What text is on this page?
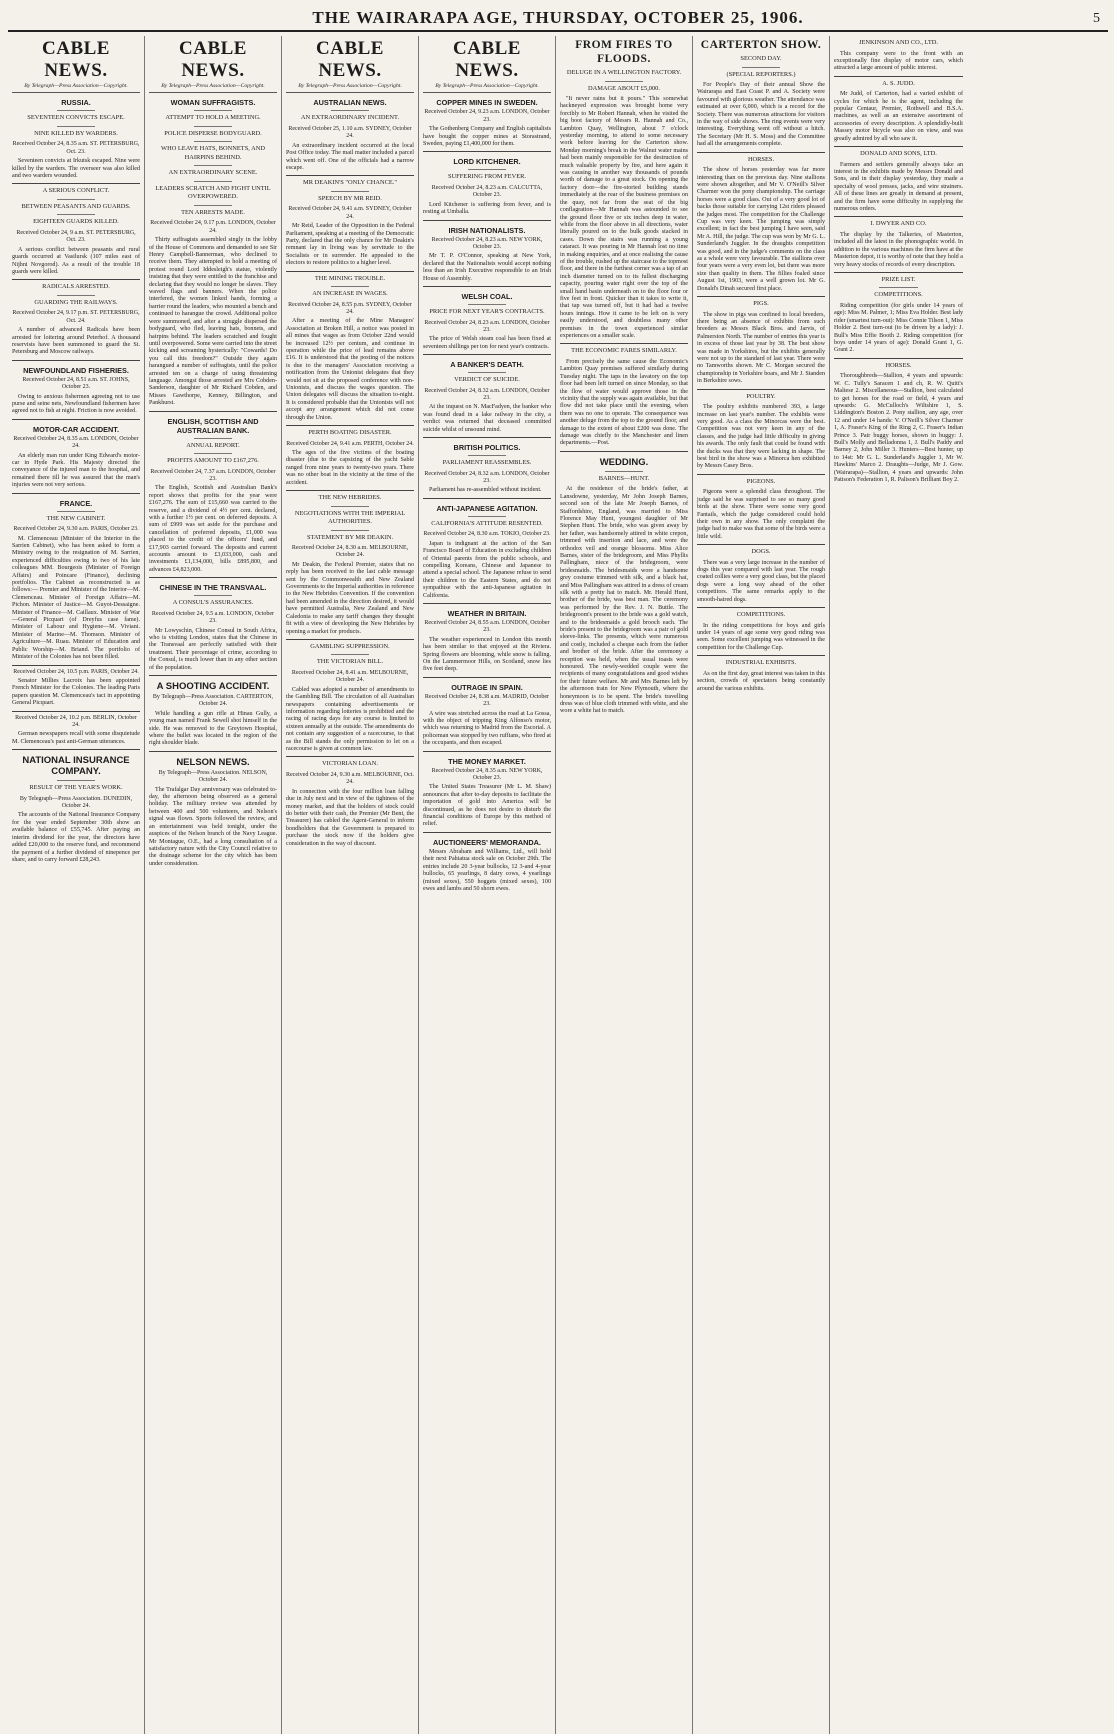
THE WAIRARAPA AGE, THURSDAY, OCTOBER 25, 1906.	5
CABLE NEWS.
By Telegraph—Press Association—Copyright.
RUSSIA.
SEVENTEEN CONVICTS ESCAPE.
NINE KILLED BY WARDERS.
Received October 24, 8.35 a.m. ST. PETERSBURG, Oct. 23.
Seventeen convicts at Irkutsk escaped. Nine were killed by the warders. The overseer was also killed and two warders wounded.
A SERIOUS CONFLICT.
BETWEEN PEASANTS AND GUARDS.
EIGHTEEN GUARDS KILLED.
Received October 24, 9 a.m. ST. PETERSBURG, Oct. 23.
A serious conflict between peasants and rural guards occurred at Vasilursk (107 miles east of Nijhni Novgorod). As a result of the trouble 18 guards were killed.
RADICALS ARRESTED.
GUARDING THE RAILWAYS.
Received October 24, 9.17 p.m. ST. PETERSBURG, Oct. 24.
A number of advanced Radicals have been arrested for loitering around Peterhof. A thousand reservists have been summoned to guard the St. Petersburg and Moscow railways.
NEWFOUNDLAND FISHERIES.
Received October 24, 8.51 a.m. ST. JOHNS, October 23.
Owing to anxious fishermen agreeing not to use purse and seine nets, Newfoundland fishermen have agreed not to fish at night. Friction is now avoided.
MOTOR-CAR ACCIDENT.
Received October 24, 8.35 a.m. LONDON, October 24.
An elderly man run under King Edward's motor-car in Hyde Park. His Majesty directed the conveyance of the injured man to the hospital, and remained there till he was assured that the man's injuries were not very serious.
FRANCE.
THE NEW CABINET.
Received October 24, 9.30 a.m. PARIS, October 23.
M. Clemenceau (Minister of the Interior in the Sarrien Cabinet), who has been asked to form a Ministry owing to the resignation of M. Sarrien, experienced difficulties owing to two of his late colleagues MM. Bourgeois (Minister of Foreign Affairs) and Poincare (Finance), declining portfolios. The Cabinet as reconstructed is as follows:— Premier and Minister of the Interior—M. Clemenceau. Minister of Foreign Affairs—M. Pichon. Minister of Justice—M. Guyot-Dessaigne. Minister of Finance—M. Caillaux. Minister of War—General Picquart (of Dreyfus case fame). Minister of Labour and Hygiene—M. Viviani. Minister of Marine—M. Thomson. Minister of Agriculture—M. Ruau. Minister of Education and Public Worship—M. Briand. The portfolio of Minister of the Colonies has not been filled.
Received October 24, 10.5 p.m. PARIS, October 24.
Senator Millies Lacroix has been appointed French Minister for the Colonies. The leading Paris papers question M. Clemenceau's tact in appointing General Picquart.
Received October 24, 10.2 p.m. BERLIN, October 24.
German newspapers recall with some disquietude M. Clemenceau's past anti-German utterances.
NATIONAL INSURANCE COMPANY.
RESULT OF THE YEAR'S WORK.
By Telegraph—Press Association. DUNEDIN, October 24.
The accounts of the National Insurance Company for the year ended September 30th show an available balance of £55,745. After paying an interim dividend for the year, the directors have added £20,000 to the reserve fund, and recommend the payment of a further dividend of ninepence per share, and to carry forward £28,243.
CABLE NEWS.
By Telegraph—Press Association—Copyright.
WOMAN SUFFRAGISTS.
ATTEMPT TO HOLD A MEETING.
POLICE DISPERSE BODYGUARD.
WHO LEAVE HATS, BONNETS, AND HAIRPINS BEHIND.
AN EXTRAORDINARY SCENE.
LEADERS SCRATCH AND FIGHT UNTIL OVERPOWERED.
TEN ARRESTS MADE.
Received October 24, 9.17 p.m. LONDON, October 24.
Thirty suffragists assembled singly in the lobby of the House of Commons and demanded to see Sir Henry Campbell-Bannerman, who declined to receive them. They attempted to hold a meeting of protest round Lord Iddesleigh's statue, violently insisting that they were entitled to the franchise and declaring that they would no longer be slaves. They waved flags and banners. When the police interfered, the women linked hands, forming a barrier round the leaders, who mounted a bench and continued to harangue the crowd. Additional police were summoned, and after a struggle dispersed the bodyguard, who fled, leaving hats, bonnets, and hairpins behind. The leaders scratched and fought until overpowered. Some were carried into the street kicking and screaming hysterically: "Cowards! Do you call this freedom?" Outside they again harangued a number of suffragists, until the police arrested ten on a charge of using threatening language. Amongst those arrested are Mrs Cobden-Sanderson, daughter of Mr Richard Cobden, and Misses Gawthorpe, Kenney, Billington, and Pankhurst.
ENGLISH, SCOTTISH AND AUSTRALIAN BANK.
ANNUAL REPORT.
PROFITS AMOUNT TO £167,276.
Received October 24, 7.37 a.m. LONDON, October 23.
The English, Scottish and Australian Bank's report shows that profits for the year were £167,276. The sum of £15,660 was carried to the reserve, and a dividend of 4½ per cent. declared, with a further 1½ per cent. on deferred deposits. A sum of £999 was set aside for the purchase and cancellation of preferred deposits, £1,000 was placed to the credit of the officers' fund, and £17,903 carried forward. The deposits and current accounts amount to £3,033,000, cash and investments £1,134,000, bills £895,800, and advances £4,823,000.
CHINESE IN THE TRANSVAAL.
A CONSUL'S ASSURANCES.
Received October 24, 9.5 a.m. LONDON, October 23.
Mr Lowyschin, Chinese Consul in South Africa, who is visiting London, states that the Chinese in the Transvaal are perfectly satisfied with their treatment. Their percentage of crime, according to the Consul, is much lower than in any other section of the population.
A SHOOTING ACCIDENT.
By Telegraph—Press Association. CARTERTON, October 24.
While handling a gun rifle at Hinau Gully, a young man named Frank Sewell shot himself in the side. He was removed to the Greytown Hospital, where the bullet was located in the region of the right shoulder blade.
NELSON NEWS.
By Telegraph—Press Association. NELSON, October 24.
The Trafalgar Day anniversary was celebrated to-day, the afternoon being observed as a general holiday. The military review was attended by between 400 and 500 volunteers, and Nelson's signal was flown. Sports followed the review, and an entertainment was held tonight, under the auspices of the Nelson branch of the Navy League. Mr Montague, O.E., had a long consultation of a satisfactory nature with the City Council relative to the drainage scheme for the city which has been under consideration.
CABLE NEWS.
By Telegraph—Press Association—Copyright.
AUSTRALIAN NEWS.
AN EXTRAORDINARY INCIDENT.
Received October 25, 1.10 a.m. SYDNEY, October 24.
An extraordinary incident occurred at the local Post Office today. The mail matter included a parcel which went off. One of the officials had a narrow escape.
MR DEAKIN'S "ONLY CHANCE."
SPEECH BY MR REID.
Received October 24, 9.41 a.m. SYDNEY, October 24.
Mr Reid, Leader of the Opposition in the Federal Parliament, speaking at a meeting of the Democratic Party, declared that the only chance for Mr Deakin's remnant lay in living was by servitude to the Socialists or in surrender. He appealed to the electors to restore politics to a higher level.
THE MINING TROUBLE.
AN INCREASE IN WAGES.
Received October 24, 8.55 p.m. SYDNEY, October 24.
After a meeting of the Mine Managers' Association at Broken Hill, a notice was posted in all mines that wages as from October 22nd would be increased 12½ per centum, and continue in operation while the price of lead remains above £16. It is understood that the posting of the notices is due to the managers' Association receiving a notification from the Unionist delegates that they would not sit at the proposed conference with non-Unionists, and discuss the wages question. The Union delegates will discuss the situation to-night. It is considered probable that the Unionists will not accept any arrangement which did not come through the Union.
PERTH BOATING DISASTER.
Received October 24, 9.41 a.m. PERTH, October 24.
The ages of the five victims of the boating disaster (due to the capsizing of the yacht Sable ranged from nine years to twenty-two years. There was no other boat in the vicinity at the time of the accident.
THE NEW HEBRIDES.
NEGOTIATIONS WITH THE IMPERIAL AUTHORITIES.
STATEMENT BY MR DEAKIN.
Received October 24, 8.30 a.m. MELBOURNE, October 24.
Mr Deakin, the Federal Premier, states that no reply has been received to the last cable message sent by the Commonwealth and New Zealand Governments to the Imperial authorities in reference to the New Hebrides Convention. If the convention had been amended in the direction desired, it would have permitted Australia, New Zealand and New Caledonia to make any tariff changes they thought fit with a view of developing the New Hebrides by opening a market for products.
GAMBLING SUPPRESSION.
THE VICTORIAN BILL.
Received October 24, 8.41 a.m. MELBOURNE, October 24.
Cabled was adopted a number of amendments to the Gambling Bill. The circulation of all Australian newspapers containing advertisements or information regarding lotteries is prohibited and the racing of racing days for any course is limited to sixteen annually at the outside. The amendments do not contain any suggestion of a racecourse, to that as the Bill stands the only permission to let on a racecourse is given at common law.
VICTORIAN LOAN.
Received October 24, 9.30 a.m. MELBOURNE, Oct. 24.
In connection with the four million loan falling due in July next and in view of the tightness of the money market, and that the holders of stock could do better with their cash, the Premier (Mr Bent, the Treasurer) has cabled the Agent-General to inform bondholders that the Government is prepared to purchase the stock now if the holders give consideration in the way of discount.
CABLE NEWS.
By Telegraph—Press Association—Copyright.
COPPER MINES IN SWEDEN.
Received October 24, 9.23 a.m. LONDON, October 23.
The Gothenberg Company and English capitalists have bought the copper mines at Storastrand, Sweden, paying £1,400,000 for them.
LORD KITCHENER.
SUFFERING FROM FEVER.
Received October 24, 8.23 a.m. CALCUTTA, October 23.
Lord Kitchener is suffering from fever, and is resting at Umballa.
IRISH NATIONALISTS.
Received October 24, 8.23 a.m. NEW YORK, October 23.
Mr T. P. O'Connor, speaking at New York, declared that the Nationalists would accept nothing less than an Irish Executive responsible to an Irish House of Assembly.
WELSH COAL.
PRICE FOR NEXT YEAR'S CONTRACTS.
Received October 24, 8.23 a.m. LONDON, October 23.
The price of Welsh steam coal has been fixed at seventeen shillings per ton for next year's contracts.
A BANKER'S DEATH.
VERDICT OF SUICIDE.
Received October 24, 8.32 a.m. LONDON, October 23.
At the inquest on N. MacFadyen, the banker who was found dead in a lake railway in the city, a verdict was returned that deceased committed suicide whilst of unsound mind.
BRITISH POLITICS.
PARLIAMENT REASSEMBLES.
Received October 24, 8.32 a.m. LONDON, October 23.
Parliament has re-assembled without incident.
ANTI-JAPANESE AGITATION.
CALIFORNIA'S ATTITUDE RESENTED.
Received October 24, 8.30 a.m. TOKIO, October 23.
Japan is indignant at the action of the San Francisco Board of Education in excluding children of Oriental parents from the public schools, and compelling Koreans, Chinese and Japanese to attend a special school. The Japanese refuse to send their children to the Eastern States, and do not sympathise with the anti-Japanese agitation in California.
WEATHER IN BRITAIN.
Received October 24, 8.55 a.m. LONDON, October 23.
The weather experienced in London this month has been similar to that enjoyed at the Riviera. Spring flowers are blooming, while snow is falling. On the Lammermoor Hills, on Scotland, snow lies five feet deep.
OUTRAGE IN SPAIN.
Received October 24, 8.38 a.m. MADRID, October 23.
A wire was stretched across the road at La Gossa, with the object of tripping King Alfonso's motor, which was returning to Madrid from the Escorial. A policeman was stopped by two ruffians, who fired at the occupants, and then escaped.
THE MONEY MARKET.
Received October 24, 8.35 a.m. NEW YORK, October 23.
The United States Treasurer (Mr L. M. Shaw) announces that after to-day deposits to facilitate the importation of gold into America will be discontinued, as he does not desire to disturb the financial conditions of Europe by this method of relief.
AUCTIONEERS' MEMORANDA.
Messrs Abraham and Williams, Ltd., will hold their next Pahiatua stock sale on October 29th. The entries include 20 3-year bullocks, 12 3-and 4-year bullocks, 65 yearlings, 8 dairy cows, 4 yearlings (mixed sexes), 550 hoggets (mixed sexes), 100 ewes and lambs and 50 shorn ewes.
FROM FIRES TO FLOODS.
DELUGE IN A WELLINGTON FACTORY.
DAMAGE ABOUT £5,000.
"It never rains but it pours." This somewhat hackneyed expression was brought home very forcibly to Mr Robert Hannah, when he visited the big boot factory of Messrs R. Hannah and Co., Lambton Quay, Wellington, about 7 o'clock yesterday morning, to attend to some necessary work before leaving for the Carterton show. Monday morning's break in the Walnut water mains had been mainly responsible for the destruction of much valuable property by fire, and here again it was causing in another way thousands of pounds worth of damage to a great stock. On opening the factory door—the fire-storied building stands immediately at the rear of the business premises on the quay, not far from the seat of the big conflagration—Mr Hannah was astounded to see the ground floor five or six inches deep in water, while from the floor above in all directions, water literally poured on to the bulk goods stacked in cases. Down the stairs was running a young cataract. It was pouring in Mr Hannah lost no time in making enquiries, and at once realising the cause of the trouble, rushed up the staircase to the topmost floor, and there in the furthest corner was a tap of an inch diameter turned on to its fullest discharging capacity, pouring water right over the top of the small hand basin underneath on to the floor four or five feet in front. Quicker than it takes to write it, that tap was turned off, but it had had a twelve hours innings. How it came to be left on is very easily understood, and doubtless many other premises in the town experienced similar experiences on a smaller scale.
THE ECONOMIC FARES SIMILARLY.
From precisely the same cause the Economic's Lambton Quay premises suffered similarly during Tuesday night. The taps in the lavatory on the top floor had been left turned on since Monday, so that the flow of water would approve those in the vicinity that the supply was again available, but that flow did not take place until the evening, when there was no one to operate. The consequence was another deluge from the top to the ground floor, and damage to the extent of about £200 was done. The damage was chiefly to the Manchester and linen departments.—Post.
WEDDING.
BARNES—HUNT.
At the residence of the bride's father, at Lansdowne, yesterday, Mr John Joseph Barnes, second son of the late Mr Joseph Barnes, of Staffordshire, England, was married to Miss Florence May Hunt, youngest daughter of Mr Stephen Hunt. The bride, who was given away by her father, was handsomely attired in white crepon, trimmed with insertion and lace, and wore the orthodox veil and orange blossoms. Miss Alice Barnes, sister of the bridegroom, and Miss Phyllis Pallingham, niece of the bridegroom, were bridesmaids. The bridesmaids wore a handsome grey costume trimmed with silk, and a black hat, and Miss Pallingham was attired in a dress of cream silk with a pretty hat to match. Mr. Herald Hunt, brother of the bride, was best man. The ceremony was performed by the Rev. J. N. Buttle. The bridegroom's present to the bride was a gold watch, and to the bridesmaids a gold brooch each. The bride's present to the bridegroom was a pair of gold sleeve-links. The presents, which were numerous and costly, included a cheque each from the father and brother of the bride. After the ceremony a reception was held, when the usual toasts were honoured. The newly-wedded couple were the recipients of many congratulations and good wishes for their future welfare. Mr and Mrs Barnes left by the afternoon train for New Plymouth, where the honeymoon is to be spent. The bride's travelling dress was of blue cloth trimmed with white, and she wore a white hat to match.
CARTERTON SHOW.
SECOND DAY.
(SPECIAL REPORTERS.)
For People's Day of their annual Show the Wairarapa and East Coast P. and A. Society were favoured with glorious weather. The attendance was estimated at over 6,000, which is a record for the Society. There was numerous attractions for visitors in the way of side shows. The ring events were very interesting. Everything went off without a hitch. The Secretary (Mr H. S. Moss) and the Committee had all the arrangements complete.
HORSES.
The show of horses yesterday was far more interesting than on the previous day. Nine stallions were shown altogether, and Mr V. O'Neill's Silver Charmer won the pony championship. The carriage horses were a good class. Out of a very good lot of backs those suitable for carrying 12st riders pleased the judges most. The competition for the Challenge Cup was very keen. The jumping was simply excellent; in fact the best jumping I have seen, said Mr A. Hill, the judge. The cup was won by Mr G. L. Sunderland's Juggler. In the draughts competition was good, and in the judge's comments on the class as a whole were very favourable. The stallions over four years were a very even lot, but there was more size than quality in them. The fillies foaled since August 1st, 1903, were a well grown lot. Mr G. Donald's Dinah secured first place.
PIGS.
The show in pigs was confined to local breeders, there being an absence of exhibits from such breeders as Messrs Black Bros. and Jarvis, of Palmerston North. The number of entries this year is in excess of those last year by 38. The best show was made in Yorkshires, but the exhibits generally were not up to the standard of last year. There were no Tamworths shown. Mr C. Morgan secured the championship in Yorkshire boars, and Mr J. Standen in Berkshire sows.
POULTRY.
The poultry exhibits numbered 393, a large increase on last year's number. The exhibits were very good. As a class the Minorcas were the best. Competition was not very keen in any of the classes, and the judge had little difficulty in giving his awards. The only fault that could be found with the ducks was that they were lacking in shape. The best bird in the show was a Minorca hen exhibited by Messrs Casey Bros.
PIGEONS.
Pigeons were a splendid class throughout. The judge said he was surprised to see so many good birds at the show. There were some very good Fantails, which the judge considered could hold their own in any show. The only complaint the judge had to make was that some of the birds were a little wild.
DOGS.
There was a very large increase in the number of dogs this year compared with last year. The rough coated collies were a very good class, but the placed dogs were a long way ahead of the other competitors. The same remarks apply to the smooth-haired dogs.
COMPETITIONS.
In the riding competitions for boys and girls under 14 years of age some very good riding was seen. Some excellent jumping was witnessed in the competition for the Challenge Cup.
INDUSTRIAL EXHIBITS.
As on the first day, great interest was taken in this section, crowds of spectators being constantly around the various exhibits.
JENKINSON AND CO., LTD.
This company were to the front with an exceptionally fine display of motor cars, which attracted a large amount of public interest.
A. S. JUDD.
Mr Judd, of Carterton, had a varied exhibit of cycles for which he is the agent, including the popular Centaur, Premier, Rothwell and B.S.A. machines, as well as an extensive assortment of accessories of every description. A splendidly-built Massey motor bicycle was also on view, and was greatly admired by all who saw it.
DONALD AND SONS, LTD.
Farmers and settlers generally always take an interest in the exhibits made by Messrs Donald and Sons, and in their display yesterday, they made a specialty of wool presses, jacks, and wire strainers. All of these lines are greatly in demand at present, and the firm have some difficulty in supplying the numerous orders.
I. DWYER AND CO.
The display by the Talkeries, of Masterton, included all the latest in the phonographic world. In addition to the various machines the firm have at the Masterton depot, it is worthy of note that they hold a very heavy stocks of records of every description.
PRIZE LIST.
COMPETITIONS.
Riding competition (for girls under 14 years of age): Miss M. Palmer, 1; Miss Eva Holder. Best lady rider (smartest turn-out): Miss Connie Tilson 1, Miss Holder 2. Best turn-out (to be driven by a lady): J. Bull's Miss Effie Booth 2. Riding competition (for boys under 14 years of age): Donald Grant 1, G. Grant 2.
HORSES.
Thoroughbreds—Stallion, 4 years and upwards: W. C. Tully's Saracen 1 and ch, R. W. Quitt's Maltese 2. Miscellaneous—Stallion, best calculated to get horses for the road or field, 4 years and upwards: G. McCulloch's Wiltshire 1, S. Liddington's Boston 2. Pony stallion, any age, over 12 and under 14 hands: V. O'Neill's Silver Charmer 1, A. Fraser's King of the Ring 2, C. Fraser's Indian Prince 3. Pair buggy horses, shown in buggy: J. Bull's Molly and Belladonna 1, J. Bull's Paddy and Barney 2, John Miller 3. Hunters—Best hunter, up to 14st: Mr G. L. Sunderland's Juggler 1, Mr W. Hawkins' Marco 2. Draughts—Judge, Mr J. Gow. (Wairarapa)—Stallion, 4 years and upwards: John Patison's Federation 1, R. Palison's Brilliant Boy 2.
